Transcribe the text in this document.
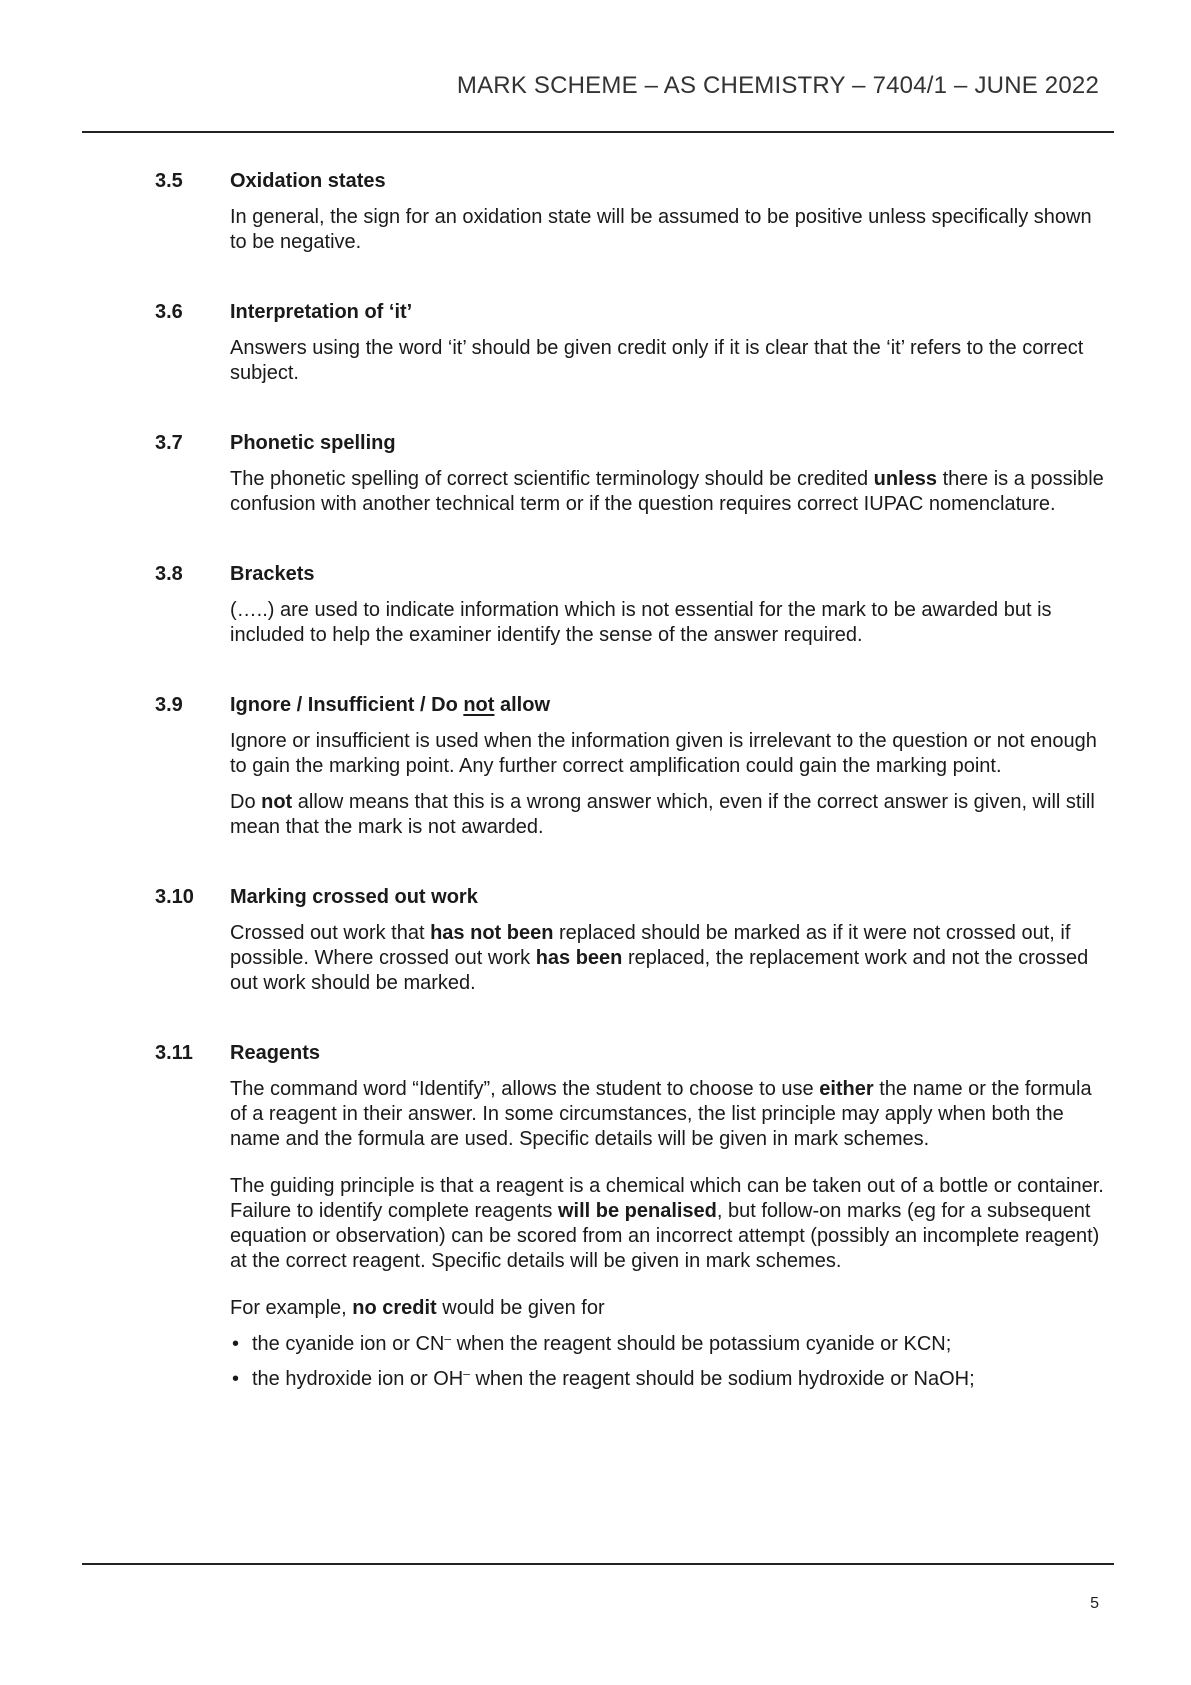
MARK SCHEME – AS CHEMISTRY – 7404/1 – JUNE 2022
3.5	Oxidation states

In general, the sign for an oxidation state will be assumed to be positive unless specifically shown to be negative.

3.6	Interpretation of ‘it’

Answers using the word ‘it’ should be given credit only if it is clear that the ‘it’ refers to the correct subject.

3.7	Phonetic spelling

The phonetic spelling of correct scientific terminology should be credited unless there is a possible confusion with another technical term or if the question requires correct IUPAC nomenclature.

3.8	Brackets

(…..) are used to indicate information which is not essential for the mark to be awarded but is included to help the examiner identify the sense of the answer required.

3.9	Ignore / Insufficient / Do not allow

Ignore or insufficient is used when the information given is irrelevant to the question or not enough to gain the marking point. Any further correct amplification could gain the marking point.

Do not allow means that this is a wrong answer which, even if the correct answer is given, will still mean that the mark is not awarded.

3.10	Marking crossed out work

Crossed out work that has not been replaced should be marked as if it were not crossed out, if possible. Where crossed out work has been replaced, the replacement work and not the crossed out work should be marked.

3.11	Reagents

The command word “Identify”, allows the student to choose to use either the name or the formula of a reagent in their answer. In some circumstances, the list principle may apply when both the name and the formula are used. Specific details will be given in mark schemes.

The guiding principle is that a reagent is a chemical which can be taken out of a bottle or container. Failure to identify complete reagents will be penalised, but follow-on marks (eg for a subsequent equation or observation) can be scored from an incorrect attempt (possibly an incomplete reagent) at the correct reagent. Specific details will be given in mark schemes.

For example, no credit would be given for

• the cyanide ion or CN– when the reagent should be potassium cyanide or KCN;
• the hydroxide ion or OH– when the reagent should be sodium hydroxide or NaOH;
5
